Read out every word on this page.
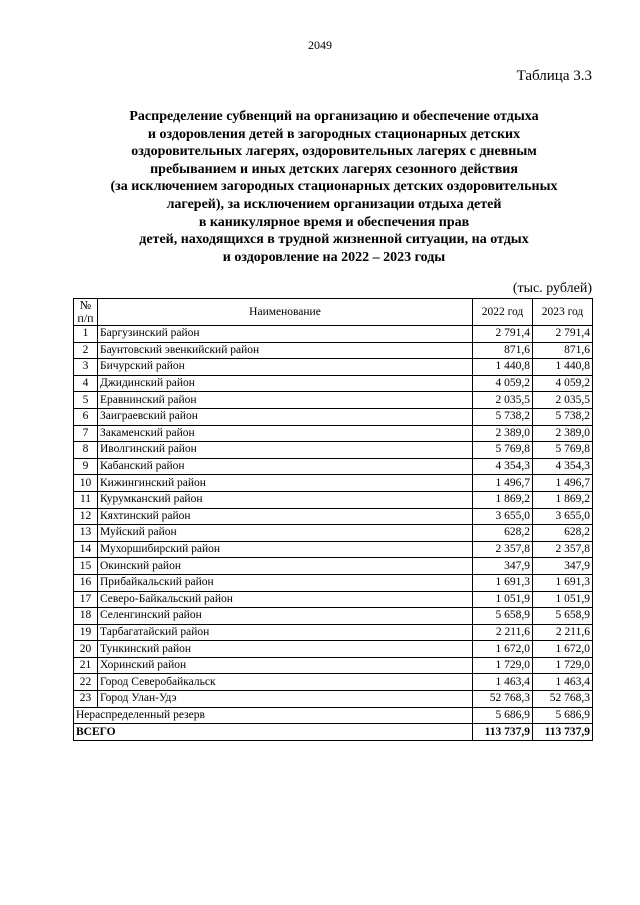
2049
Таблица 3.3
Распределение субвенций на организацию и обеспечение отдыха
и оздоровления детей в загородных стационарных детских
оздоровительных лагерях, оздоровительных лагерях с дневным
пребыванием и иных детских лагерях сезонного действия
(за исключением загородных стационарных детских оздоровительных
лагерей), за исключением организации отдыха детей
в каникулярное время и обеспечения прав
детей, находящихся в трудной жизненной ситуации, на отдых
и оздоровление на 2022 – 2023 годы
(тыс. рублей)
№
п/п	Наименование	2022 год	2023 год
1	Баргузинский район	2 791,4	2 791,4
2	Баунтовский эвенкийский район	871,6	871,6
3	Бичурский район	1 440,8	1 440,8
4	Джидинский район	4 059,2	4 059,2
5	Еравнинский район	2 035,5	2 035,5
6	Заиграевский район	5 738,2	5 738,2
7	Закаменский район	2 389,0	2 389,0
8	Иволгинский район	5 769,8	5 769,8
9	Кабанский район	4 354,3	4 354,3
10	Кижингинский район	1 496,7	1 496,7
11	Курумканский район	1 869,2	1 869,2
12	Кяхтинский район	3 655,0	3 655,0
13	Муйский район	628,2	628,2
14	Мухоршибирский район	2 357,8	2 357,8
15	Окинский район	347,9	347,9
16	Прибайкальский район	1 691,3	1 691,3
17	Северо-Байкальский район	1 051,9	1 051,9
18	Селенгинский район	5 658,9	5 658,9
19	Тарбагатайский район	2 211,6	2 211,6
20	Тункинский район	1 672,0	1 672,0
21	Хоринский район	1 729,0	1 729,0
22	Город Северобайкальск	1 463,4	1 463,4
23	Город Улан-Удэ	52 768,3	52 768,3
Нераспределенный резерв		5 686,9	5 686,9
ВСЕГО		113 737,9	113 737,9
